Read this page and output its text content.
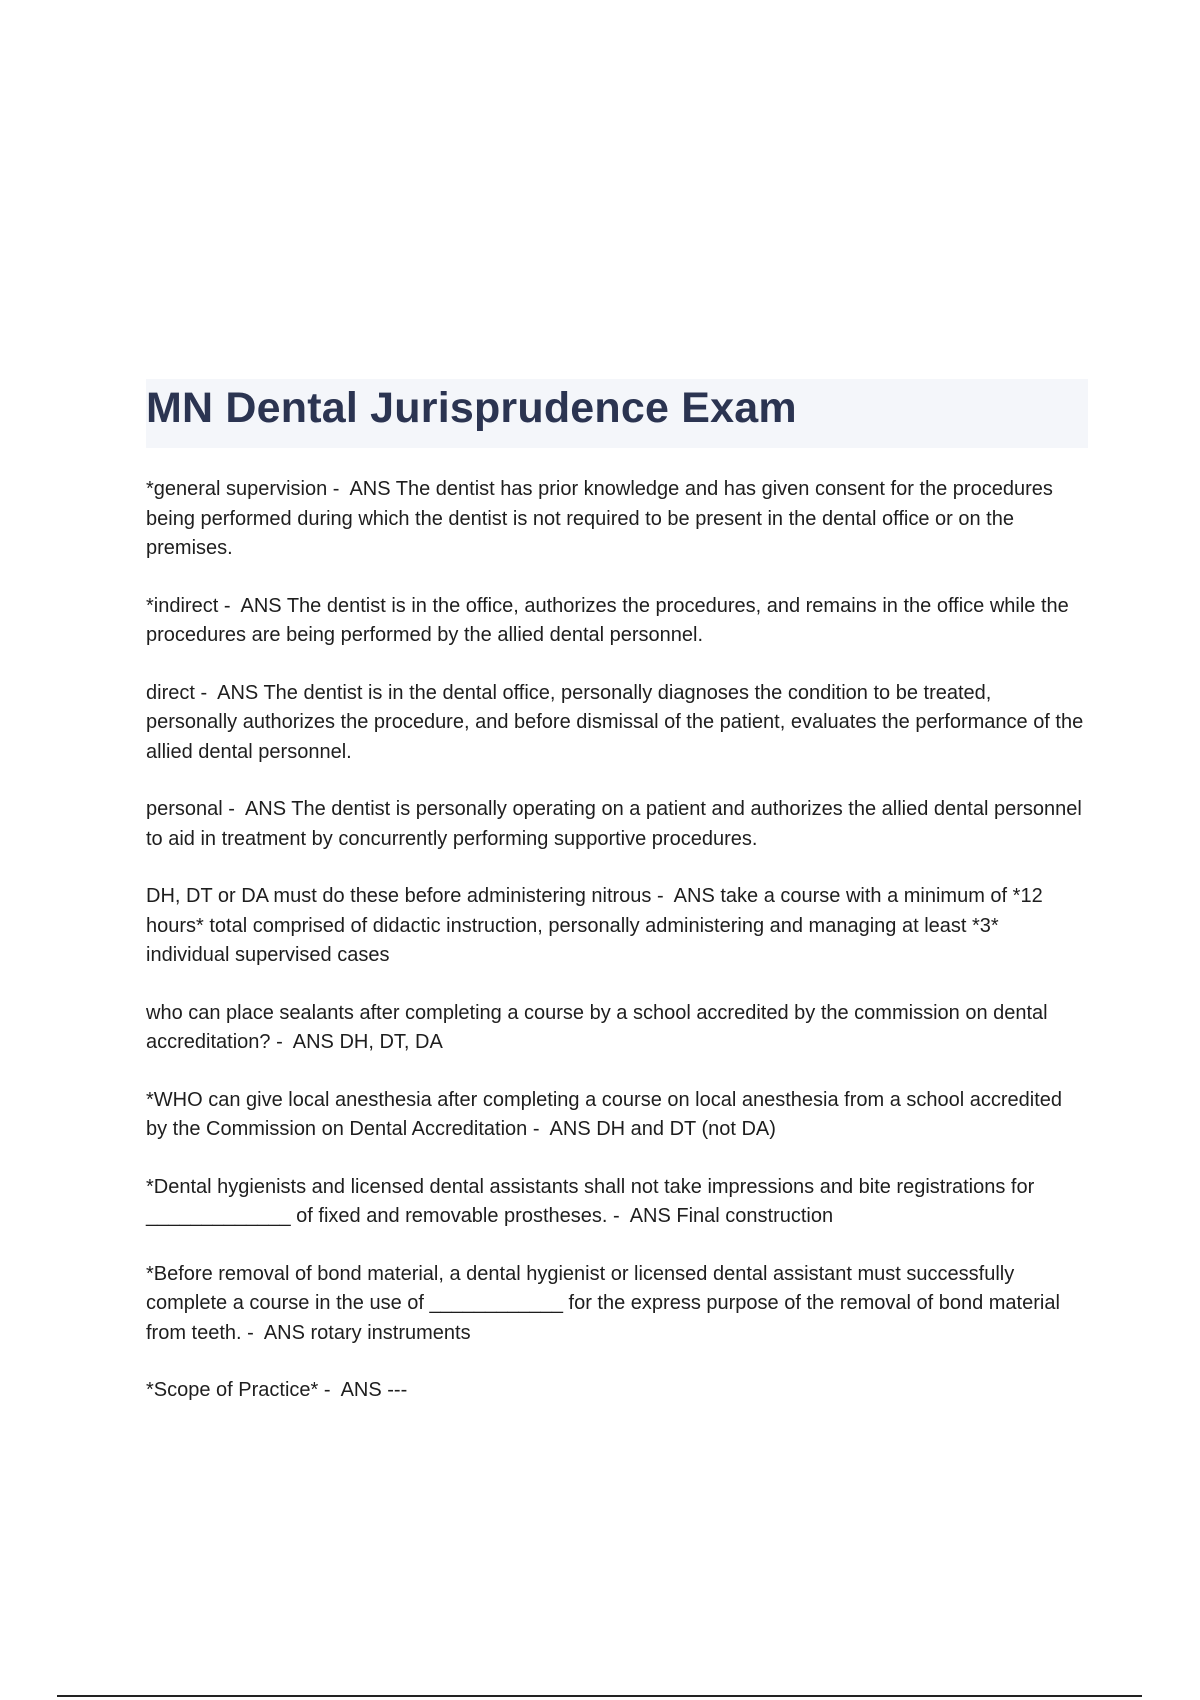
MN Dental Jurisprudence Exam

*general supervision -  ANS The dentist has prior knowledge and has given consent for the procedures being performed during which the dentist is not required to be present in the dental office or on the premises.

*indirect -  ANS The dentist is in the office, authorizes the procedures, and remains in the office while the procedures are being performed by the allied dental personnel.

direct -  ANS The dentist is in the dental office, personally diagnoses the condition to be treated, personally authorizes the procedure, and before dismissal of the patient, evaluates the performance of the allied dental personnel.

personal -  ANS The dentist is personally operating on a patient and authorizes the allied dental personnel to aid in treatment by concurrently performing supportive procedures.

DH, DT or DA must do these before administering nitrous -  ANS take a course with a minimum of *12 hours* total comprised of didactic instruction, personally administering and managing at least *3* individual supervised cases

who can place sealants after completing a course by a school accredited by the commission on dental accreditation? -  ANS DH, DT, DA

*WHO can give local anesthesia after completing a course on local anesthesia from a school accredited by the Commission on Dental Accreditation -  ANS DH and DT (not DA)

*Dental hygienists and licensed dental assistants shall not take impressions and bite registrations for _____________ of fixed and removable prostheses. -  ANS Final construction

*Before removal of bond material, a dental hygienist or licensed dental assistant must successfully complete a course in the use of ____________ for the express purpose of the removal of bond material from teeth. -  ANS rotary instruments

*Scope of Practice* -  ANS ---
